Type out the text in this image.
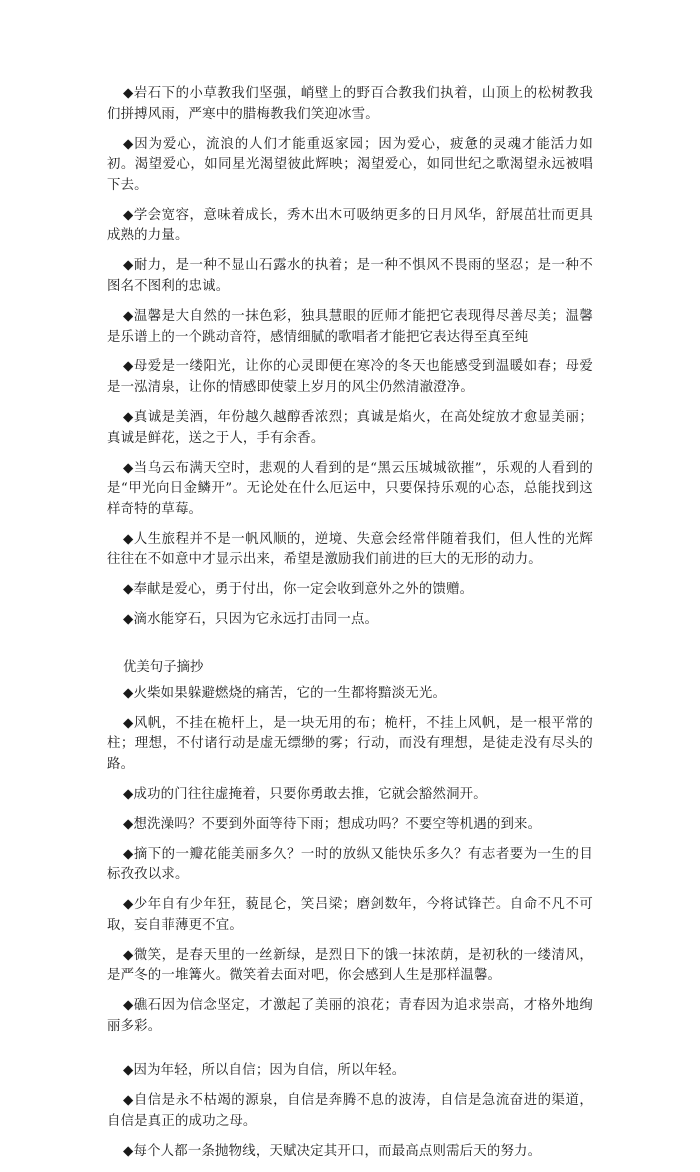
◆岩石下的小草教我们坚强，峭壁上的野百合教我们执着，山顶上的松树教我们拼搏风雨，严寒中的腊梅教我们笑迎冰雪。

◆因为爱心，流浪的人们才能重返家园；因为爱心，疲惫的灵魂才能活力如初。渴望爱心，如同星光渴望彼此辉映；渴望爱心，如同世纪之歌渴望永远被唱下去。

◆学会宽容，意味着成长，秀木出木可吸纳更多的日月风华，舒展茁壮而更具成熟的力量。

◆耐力，是一种不显山石露水的执着；是一种不惧风不畏雨的坚忍；是一种不图名不图利的忠诚。

◆温馨是大自然的一抹色彩，独具慧眼的匠师才能把它表现得尽善尽美；温馨是乐谱上的一个跳动音符，感情细腻的歌唱者才能把它表达得至真至纯

◆母爱是一缕阳光，让你的心灵即便在寒冷的冬天也能感受到温暖如春；母爱是一泓清泉，让你的情感即使蒙上岁月的风尘仍然清澈澄净。

◆真诚是美酒，年份越久越醇香浓烈；真诚是焰火，在高处绽放才愈显美丽；真诚是鲜花，送之于人，手有余香。

◆当乌云布满天空时，悲观的人看到的是“黑云压城城欲摧”，乐观的人看到的是“甲光向日金鳞开”。无论处在什么厄运中，只要保持乐观的心态，总能找到这样奇特的草莓。

◆人生旅程并不是一帆风顺的，逆境、失意会经常伴随着我们，但人性的光辉往往在不如意中才显示出来，希望是激励我们前进的巨大的无形的动力。

◆奉献是爱心，勇于付出，你一定会收到意外之外的馈赠。

◆滴水能穿石，只因为它永远打击同一点。

优美句子摘抄

◆火柴如果躲避燃烧的痛苦，它的一生都将黯淡无光。

◆风帆，不挂在桅杆上，是一块无用的布；桅杆，不挂上风帆，是一根平常的柱；理想，不付诸行动是虚无缥缈的雾；行动，而没有理想，是徒走没有尽头的路。

◆成功的门往往虚掩着，只要你勇敢去推，它就会豁然洞开。

◆想洗澡吗？不要到外面等待下雨；想成功吗？不要空等机遇的到来。

◆摘下的一瓣花能美丽多久？一时的放纵又能快乐多久？有志者要为一生的目标孜孜以求。

◆少年自有少年狂，藐昆仑，笑吕梁；磨剑数年，今将试锋芒。自命不凡不可取，妄自菲薄更不宜。

◆微笑，是春天里的一丝新绿，是烈日下的饿一抹浓荫，是初秋的一缕清风，是严冬的一堆篝火。微笑着去面对吧，你会感到人生是那样温馨。

◆礁石因为信念坚定，才激起了美丽的浪花；青春因为追求崇高，才格外地绚丽多彩。

◆因为年轻，所以自信；因为自信，所以年轻。

◆自信是永不枯竭的源泉，自信是奔腾不息的波涛，自信是急流奋进的渠道，自信是真正的成功之母。

◆每个人都一条抛物线，天赋决定其开口，而最高点则需后天的努力。
